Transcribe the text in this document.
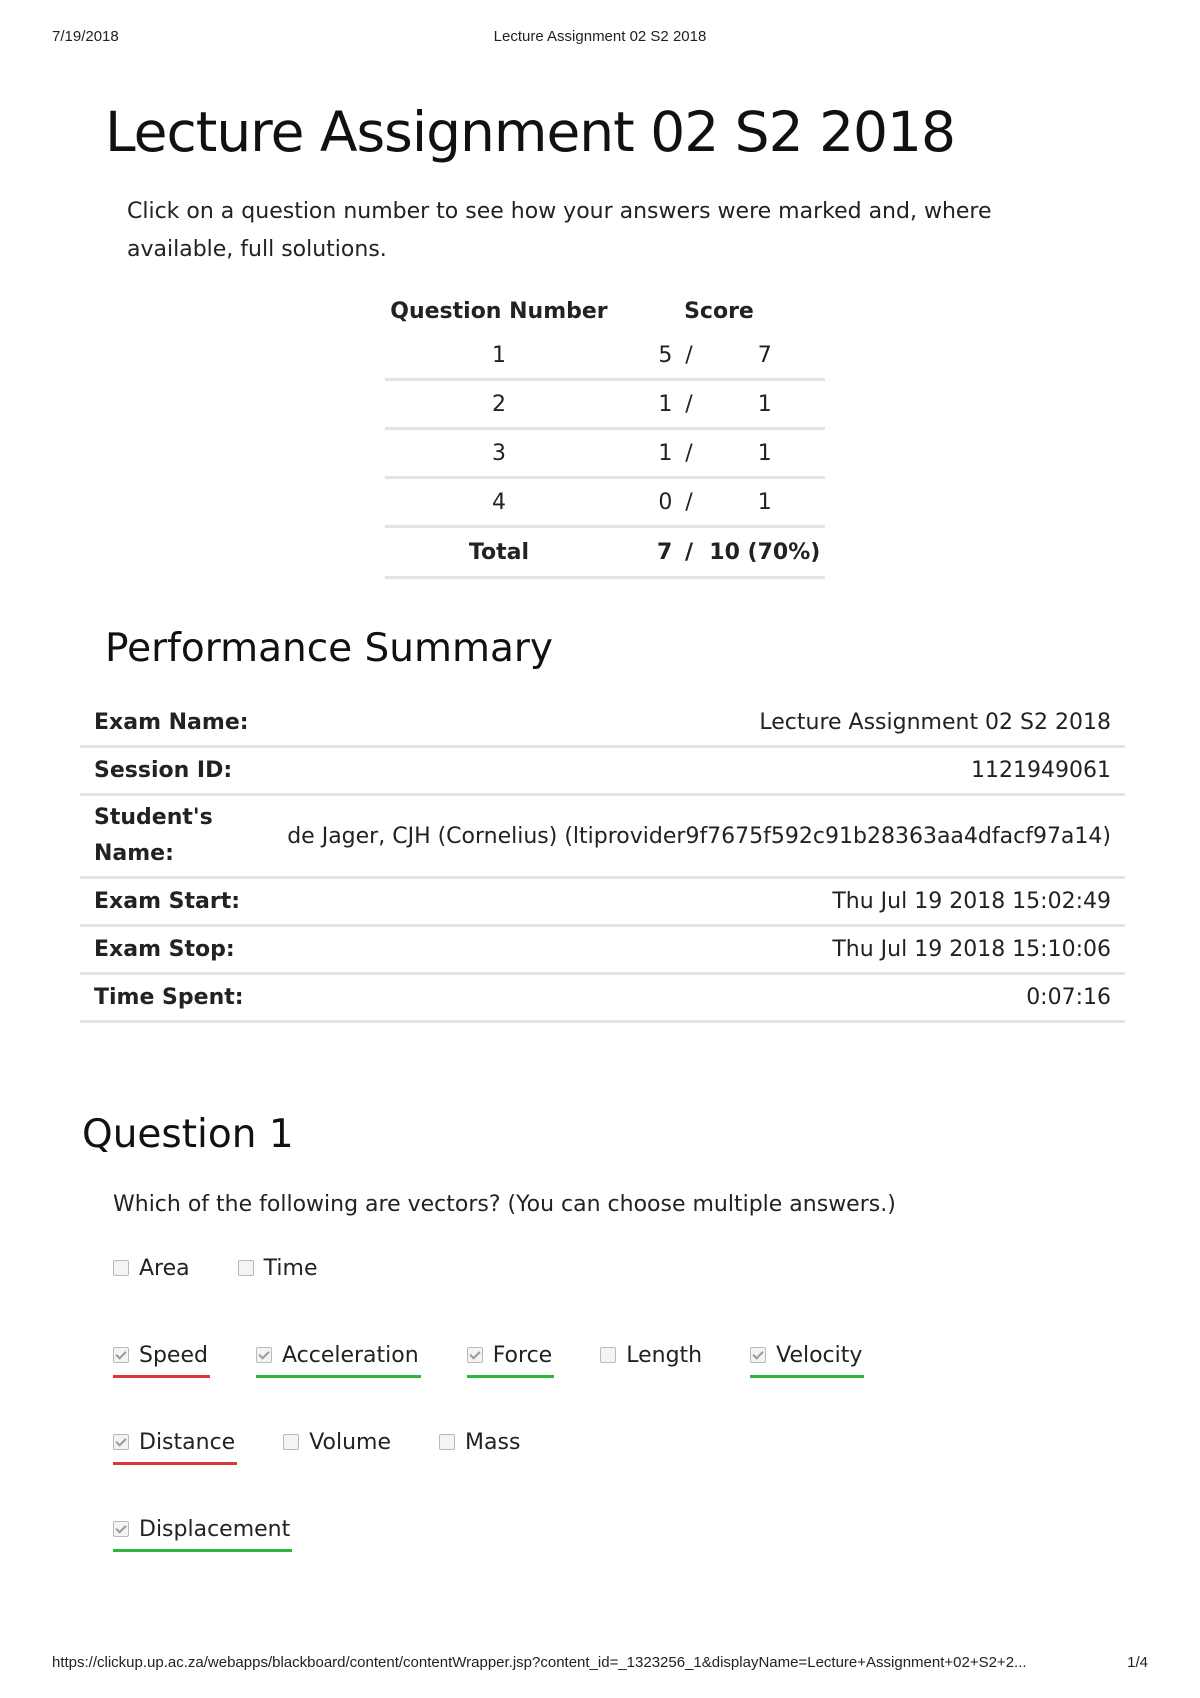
7/19/2018	Lecture Assignment 02 S2 2018
Lecture Assignment 02 S2 2018

Click on a question number to see how your answers were marked and, where available, full solutions.

Question Number	Score		
1	5	/	7
2	1	/	1
3	1	/	1
4	0	/	1
Total	7	/	10 (70%)
Performance Summary
Exam Name:	Lecture Assignment 02 S2 2018
Session ID:	1121949061
Student's Name:	de Jager, CJH (Cornelius) (ltiprovider9f7675f592c91b28363aa4dfacf97a14)
Exam Start:	Thu Jul 19 2018 15:02:49
Exam Stop:	Thu Jul 19 2018 15:10:06
Time Spent:	0:07:16
Question 1

Which of the following are vectors? (You can choose multiple answers.)

Area	Time
Speed	Acceleration	Force	Length	Velocity
Distance	Volume	Mass
Displacement
https://clickup.up.ac.za/webapps/blackboard/content/contentWrapper.jsp?content_id=_1323256_1&displayName=Lecture+Assignment+02+S2+2...	1/4
